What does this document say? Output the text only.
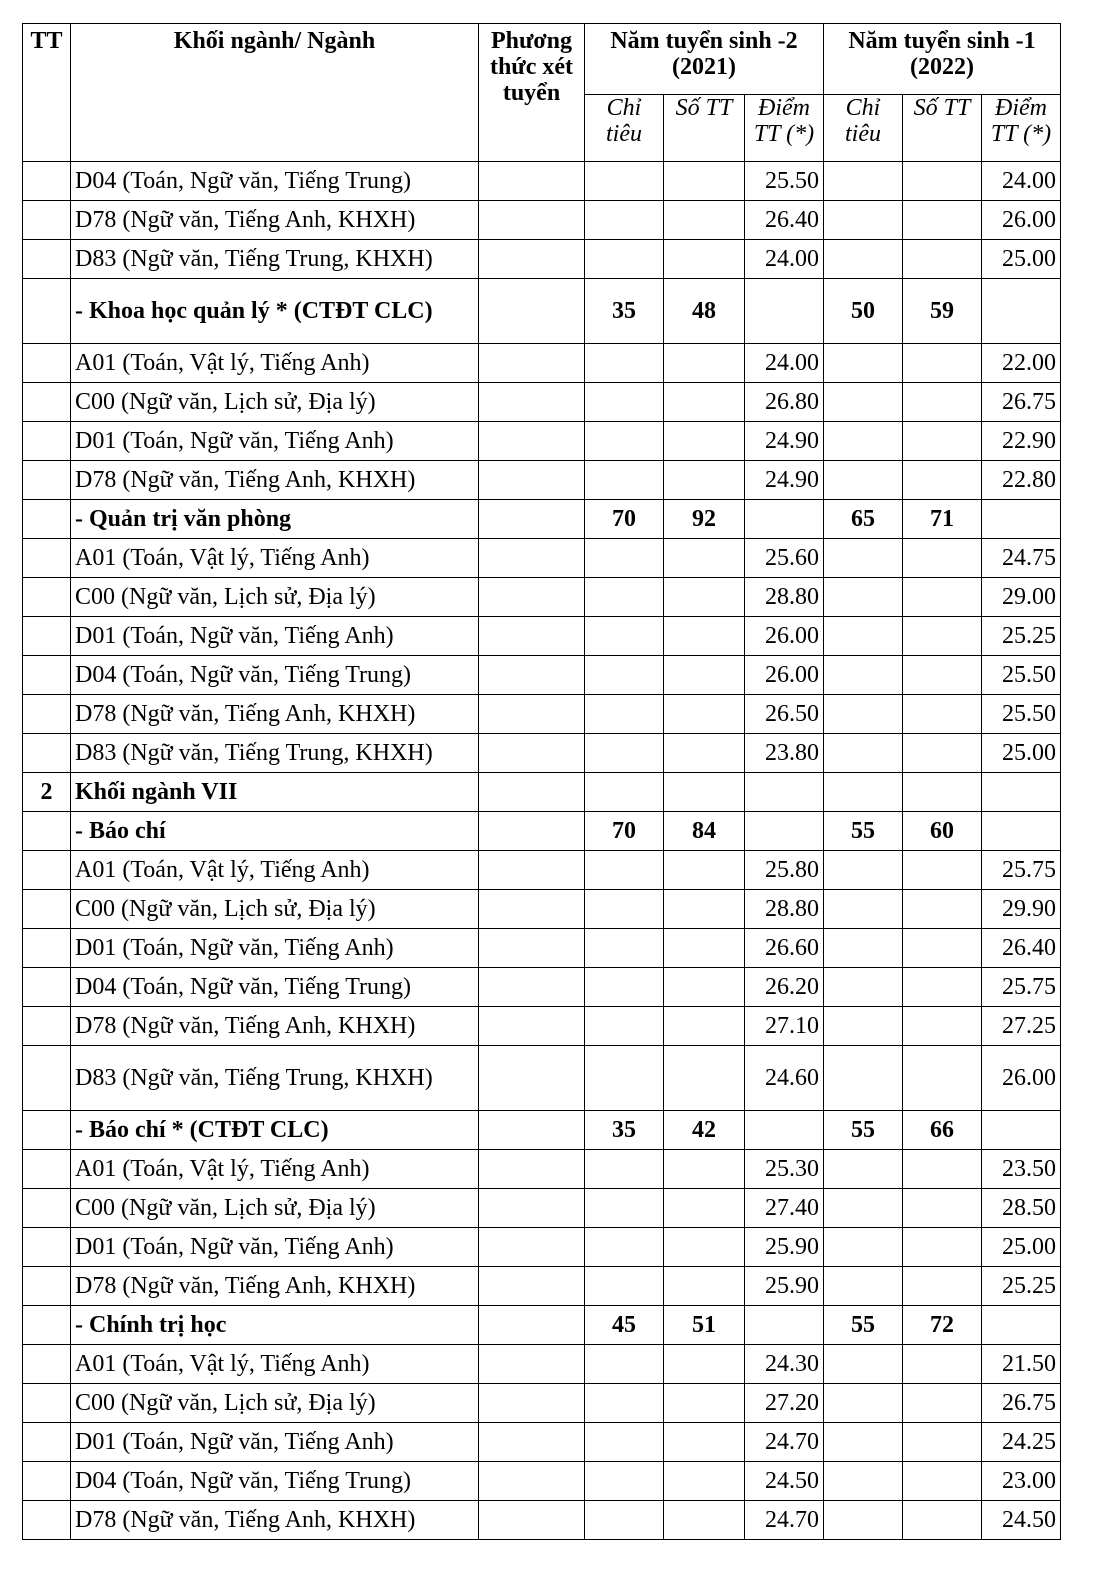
TT	Khối ngành/ Ngành	Phương thức xét tuyển	Năm tuyển sinh -2 (2021)			Năm tuyển sinh -1 (2022)		
			Chỉ tiêu	Số TT	Điểm TT (*)	Chỉ tiêu	Số TT	Điểm TT (*)
	D04 (Toán, Ngữ văn, Tiếng Trung)				25.50			24.00
	D78 (Ngữ văn, Tiếng Anh, KHXH)				26.40			26.00
	D83 (Ngữ văn, Tiếng Trung, KHXH)				24.00			25.00
	- Khoa học quản lý * (CTĐT CLC)		35	48		50	59	
	A01 (Toán, Vật lý, Tiếng Anh)				24.00			22.00
	C00 (Ngữ văn, Lịch sử, Địa lý)				26.80			26.75
	D01 (Toán, Ngữ văn, Tiếng Anh)				24.90			22.90
	D78 (Ngữ văn, Tiếng Anh, KHXH)				24.90			22.80
	- Quản trị văn phòng		70	92		65	71	
	A01 (Toán, Vật lý, Tiếng Anh)				25.60			24.75
	C00 (Ngữ văn, Lịch sử, Địa lý)				28.80			29.00
	D01 (Toán, Ngữ văn, Tiếng Anh)				26.00			25.25
	D04 (Toán, Ngữ văn, Tiếng Trung)				26.00			25.50
	D78 (Ngữ văn, Tiếng Anh, KHXH)				26.50			25.50
	D83 (Ngữ văn, Tiếng Trung, KHXH)				23.80			25.00
2	Khối ngành VII							
	- Báo chí		70	84		55	60	
	A01 (Toán, Vật lý, Tiếng Anh)				25.80			25.75
	C00 (Ngữ văn, Lịch sử, Địa lý)				28.80			29.90
	D01 (Toán, Ngữ văn, Tiếng Anh)				26.60			26.40
	D04 (Toán, Ngữ văn, Tiếng Trung)				26.20			25.75
	D78 (Ngữ văn, Tiếng Anh, KHXH)				27.10			27.25
	D83 (Ngữ văn, Tiếng Trung, KHXH)				24.60			26.00
	- Báo chí * (CTĐT CLC)		35	42		55	66	
	A01 (Toán, Vật lý, Tiếng Anh)				25.30			23.50
	C00 (Ngữ văn, Lịch sử, Địa lý)				27.40			28.50
	D01 (Toán, Ngữ văn, Tiếng Anh)				25.90			25.00
	D78 (Ngữ văn, Tiếng Anh, KHXH)				25.90			25.25
	- Chính trị học		45	51		55	72	
	A01 (Toán, Vật lý, Tiếng Anh)				24.30			21.50
	C00 (Ngữ văn, Lịch sử, Địa lý)				27.20			26.75
	D01 (Toán, Ngữ văn, Tiếng Anh)				24.70			24.25
	D04 (Toán, Ngữ văn, Tiếng Trung)				24.50			23.00
	D78 (Ngữ văn, Tiếng Anh, KHXH)				24.70			24.50
